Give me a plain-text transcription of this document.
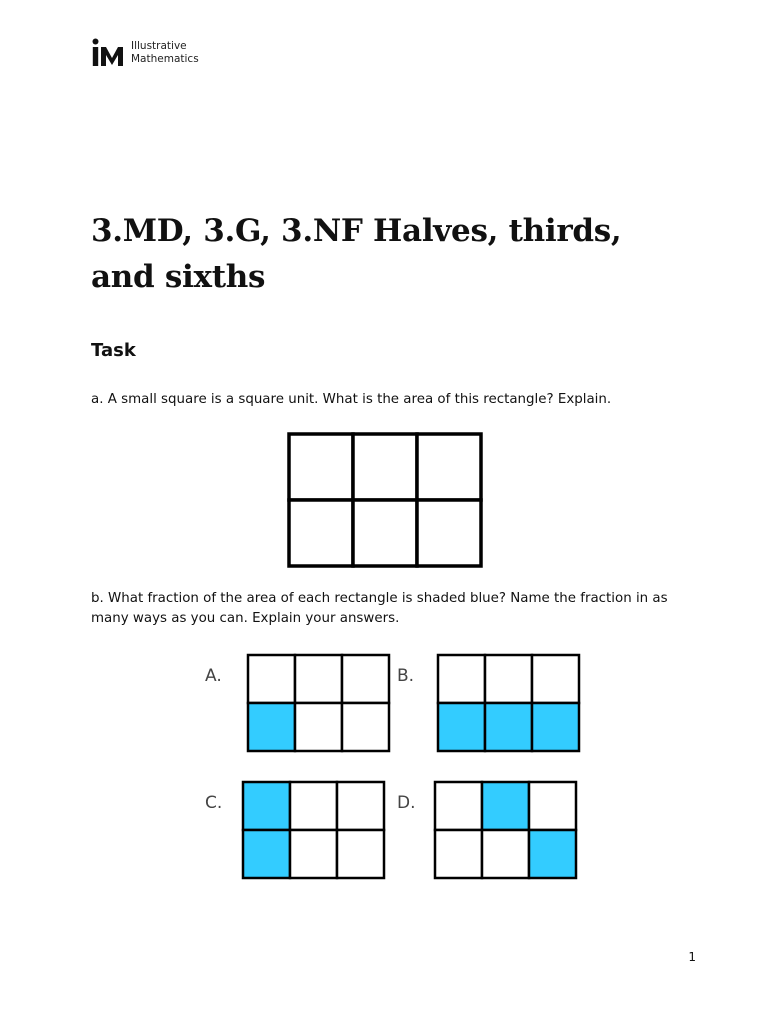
Illustrative
Mathematics
3.MD, 3.G, 3.NF Halves, thirds, and sixths
Task

a. A small square is a square unit. What is the area of this rectangle? Explain.

b. What fraction of the area of each rectangle is shaded blue? Name the fraction in as many ways as you can. Explain your answers.

A.	B.
C.	D.
1
